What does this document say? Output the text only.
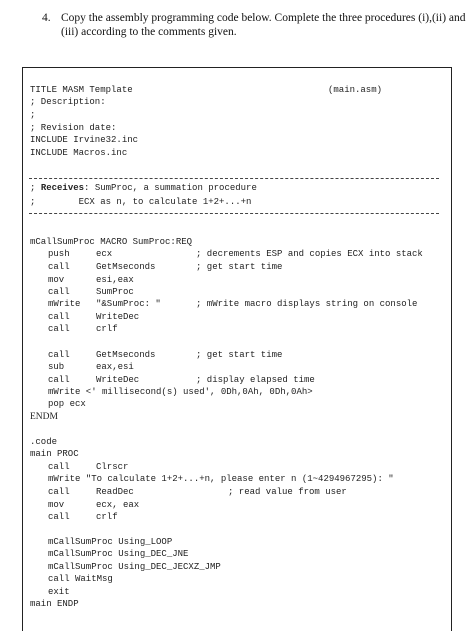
4. Copy the assembly programming code below. Complete the three procedures (i),(ii) and
(iii) according to the comments given.
TITLE MASM Template	(main.asm)
; Description:
;
; Revision date:
INCLUDE Irvine32.inc
INCLUDE Macros.inc
; Receives: SumProc, a summation procedure
;        ECX as n, to calculate 1+2+...+n
mCallSumProc MACRO SumProc:REQ
push	ecx	; decrements ESP and copies ECX into stack
call	GetMseconds	; get start time
mov	esi,eax
call	SumProc
mWrite "&SumProc: "	; mWrite macro displays string on console
call	WriteDec
call	crlf
call	GetMseconds	; get start time
sub	eax,esi
call	WriteDec	; display elapsed time
mWrite <' millisecond(s) used', 0Dh,0Ah, 0Dh,0Ah>
pop ecx
ENDM
.code
main PROC
call	Clrscr
mWrite "To calculate 1+2+...+n, please enter n (1~4294967295): "
call	ReadDec	; read value from user
mov	ecx, eax
call	crlf
mCallSumProc Using_LOOP
mCallSumProc Using_DEC_JNE
mCallSumProc Using_DEC_JECXZ_JMP
call WaitMsg
exit
main ENDP
